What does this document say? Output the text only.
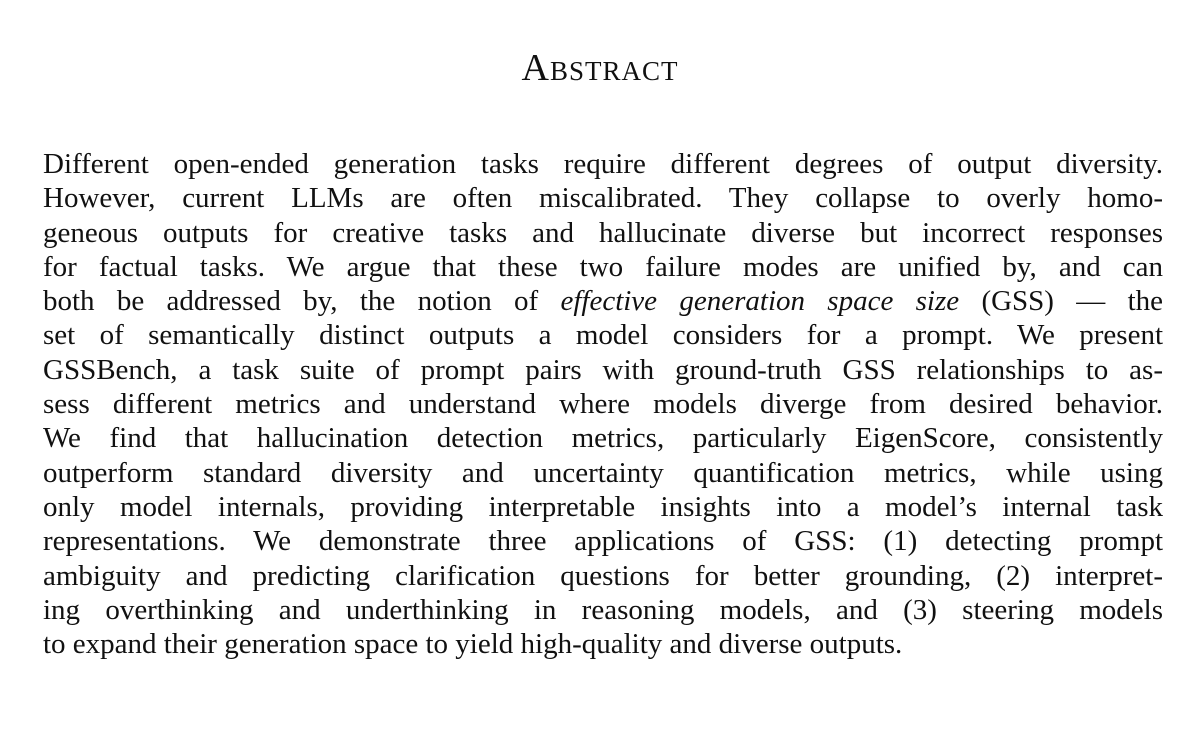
Abstract
Different open-ended generation tasks require different degrees of output diversity.
However, current LLMs are often miscalibrated. They collapse to overly homo-
geneous outputs for creative tasks and hallucinate diverse but incorrect responses
for factual tasks. We argue that these two failure modes are unified by, and can
both be addressed by, the notion of effective generation space size (GSS) — the
set of semantically distinct outputs a model considers for a prompt. We present
GSSBench, a task suite of prompt pairs with ground-truth GSS relationships to as-
sess different metrics and understand where models diverge from desired behavior.
We find that hallucination detection metrics, particularly EigenScore, consistently
outperform standard diversity and uncertainty quantification metrics, while using
only model internals, providing interpretable insights into a model’s internal task
representations. We demonstrate three applications of GSS: (1) detecting prompt
ambiguity and predicting clarification questions for better grounding, (2) interpret-
ing overthinking and underthinking in reasoning models, and (3) steering models
to expand their generation space to yield high-quality and diverse outputs.
